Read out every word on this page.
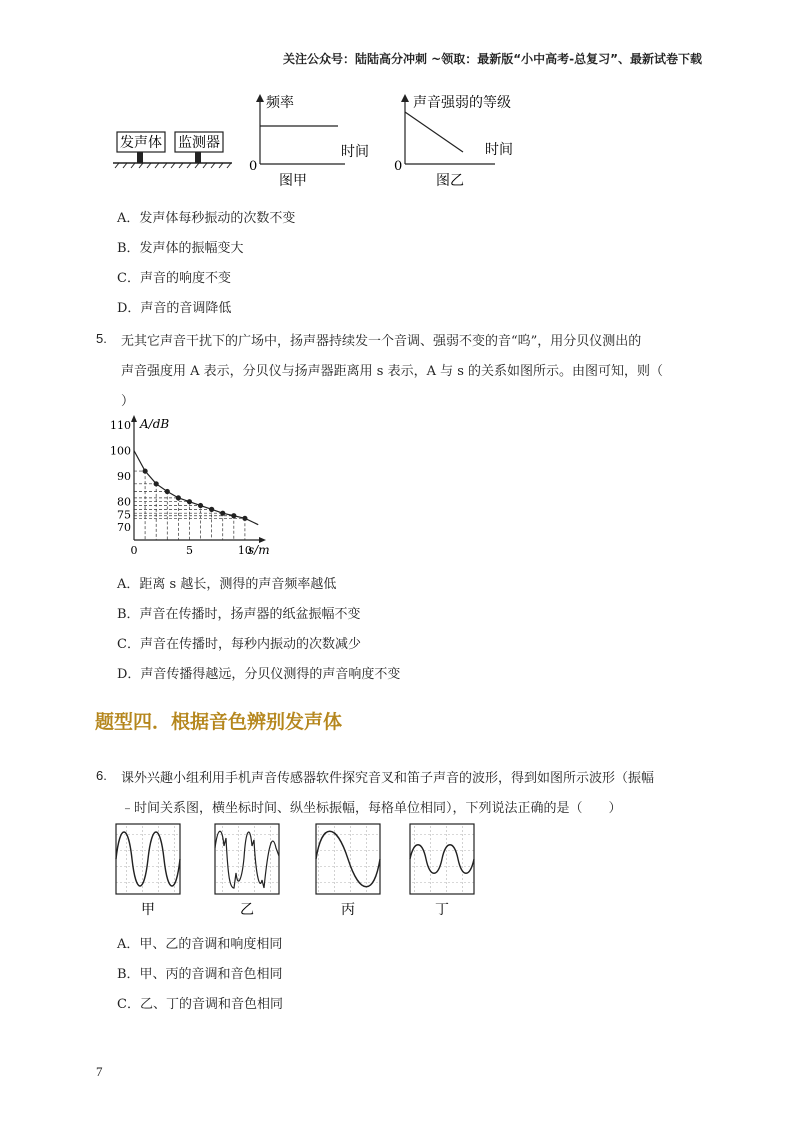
关注公众号：陆陆高分冲刺 ~领取：最新版“小中高考-总复习”、最新试卷下载
发声体 监测器
频率
时间
0
图甲
声音强弱的等级
时间
0
图乙
A．发声体每秒振动的次数不变
B．发声体的振幅变大
C．声音的响度不变
D．声音的音调降低
5. 无其它声音干扰下的广场中，扬声器持续发一个音调、强弱不变的音“呜”，用分贝仪测出的
声音强度用 A 表示，分贝仪与扬声器距离用 s 表示，A 与 s 的关系如图所示。由图可知，则（
）
A/dB
s/m
70
75
80
90
100
110
0	5	10
A．距离 s 越长，测得的声音频率越低
B．声音在传播时，扬声器的纸盆振幅不变
C．声音在传播时，每秒内振动的次数减少
D．声音传播得越远，分贝仪测得的声音响度不变
题型四．根据音色辨别发声体
6. 课外兴趣小组利用手机声音传感器软件探究音叉和笛子声音的波形，得到如图所示波形（振幅
﹣时间关系图，横坐标时间、纵坐标振幅，每格单位相同），下列说法正确的是（　　）
甲	乙	丙	丁
A．甲、乙的音调和响度相同
B．甲、丙的音调和音色相同
C．乙、丁的音调和音色相同
7
